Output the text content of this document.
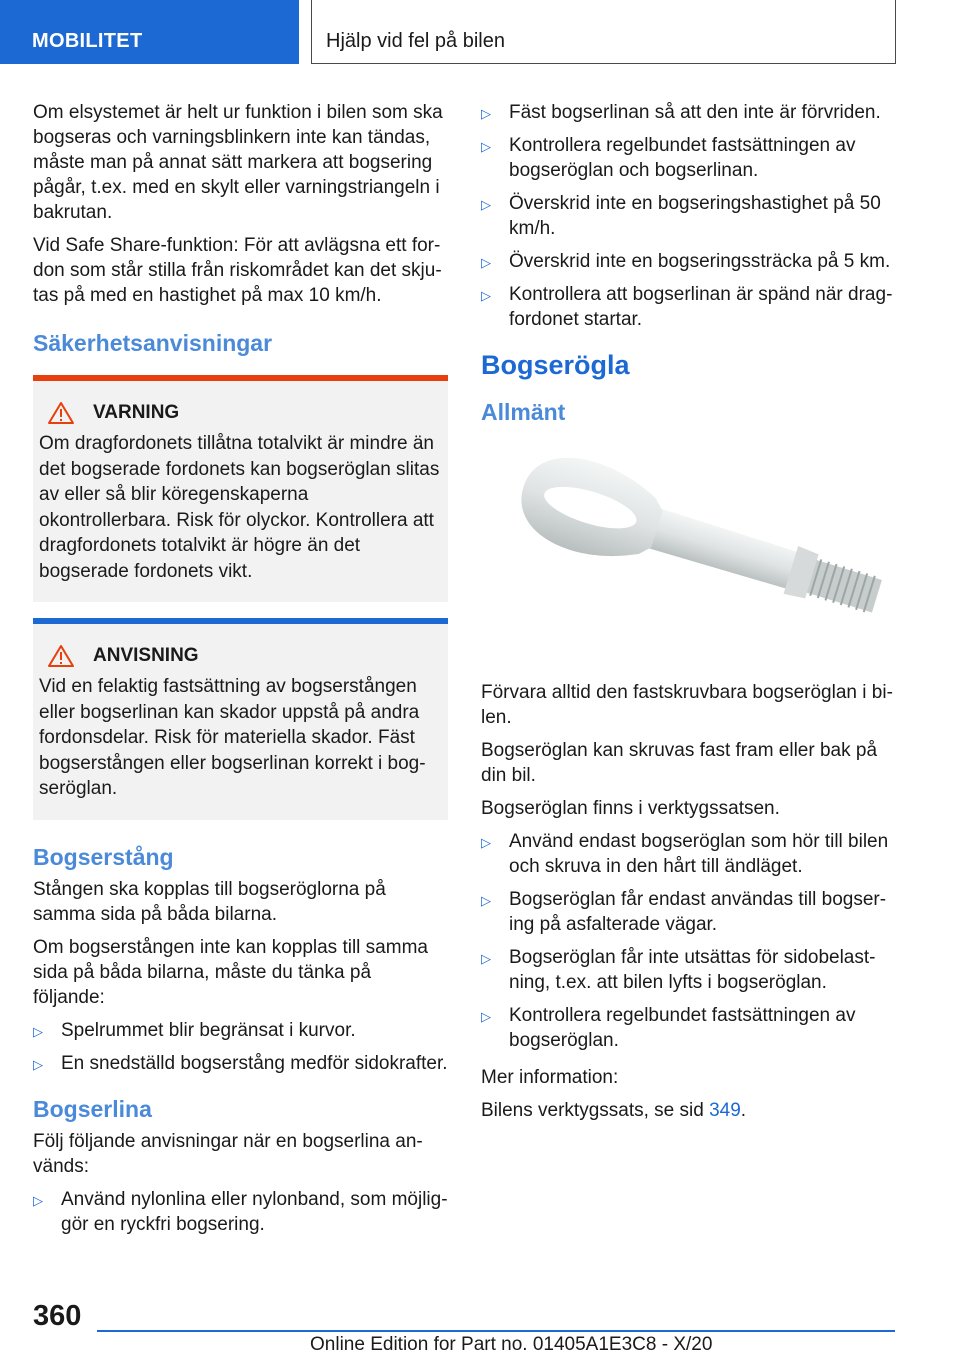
MOBILITET	Hjälp vid fel på bilen

Om elsystemet är helt ur funktion i bilen som ska bogseras och varningsblinkern inte kan tändas, måste man på annat sätt markera att bogsering pågår, t.ex. med en skylt eller varningstriangeln i bakrutan.

Vid Safe Share-funktion: För att avlägsna ett fordon som står stilla från riskområdet kan det skjutas på med en hastighet på max 10 km/h.

Säkerhetsanvisningar
VARNING

Om dragfordonets tillåtna totalvikt är mindre än det bogserade fordonets kan bogseröglan slitas av eller så blir köregenskaperna okontrollerbara. Risk för olyckor. Kontrollera att dragfordonets totalvikt är högre än det bogserade fordonets vikt.

ANVISNING

Vid en felaktig fastsättning av bogserstången eller bogserlinan kan skador uppstå på andra fordonsdelar. Risk för materiella skador. Fäst bogserstången eller bogserlinan korrekt i bogseröglan.

Bogserstång

Stången ska kopplas till bogseröglorna på samma sida på båda bilarna.

Om bogserstången inte kan kopplas till samma sida på båda bilarna, måste du tänka på följande:

▷ Spelrummet blir begränsat i kurvor.
▷ En snedställd bogserstång medför sidokrafter.
Bogserlina

Följ följande anvisningar när en bogserlina används:

▷ Använd nylonlina eller nylonband, som möjliggör en ryckfri bogsering.
▷ Fäst bogserlinan så att den inte är förvriden.
▷ Kontrollera regelbundet fastsättningen av bogseröglan och bogserlinan.
▷ Överskrid inte en bogseringshastighet på 50 km/h.
▷ Överskrid inte en bogseringssträcka på 5 km.
▷ Kontrollera att bogserlinan är spänd när dragfordonet startar.
Bogserögla
Allmänt

Förvara alltid den fastskruvbara bogseröglan i bilen.

Bogseröglan kan skruvas fast fram eller bak på din bil.

Bogseröglan finns i verktygssatsen.

▷ Använd endast bogseröglan som hör till bilen och skruva in den hårt till ändläget.
▷ Bogseröglan får endast användas till bogsering på asfalterade vägar.
▷ Bogseröglan får inte utsättas för sidobelastning, t.ex. att bilen lyfts i bogseröglan.
▷ Kontrollera regelbundet fastsättningen av bogseröglan.

Mer information:

Bilens verktygssats, se sid 349.

360
Online Edition for Part no. 01405A1E3C8 - X/20
